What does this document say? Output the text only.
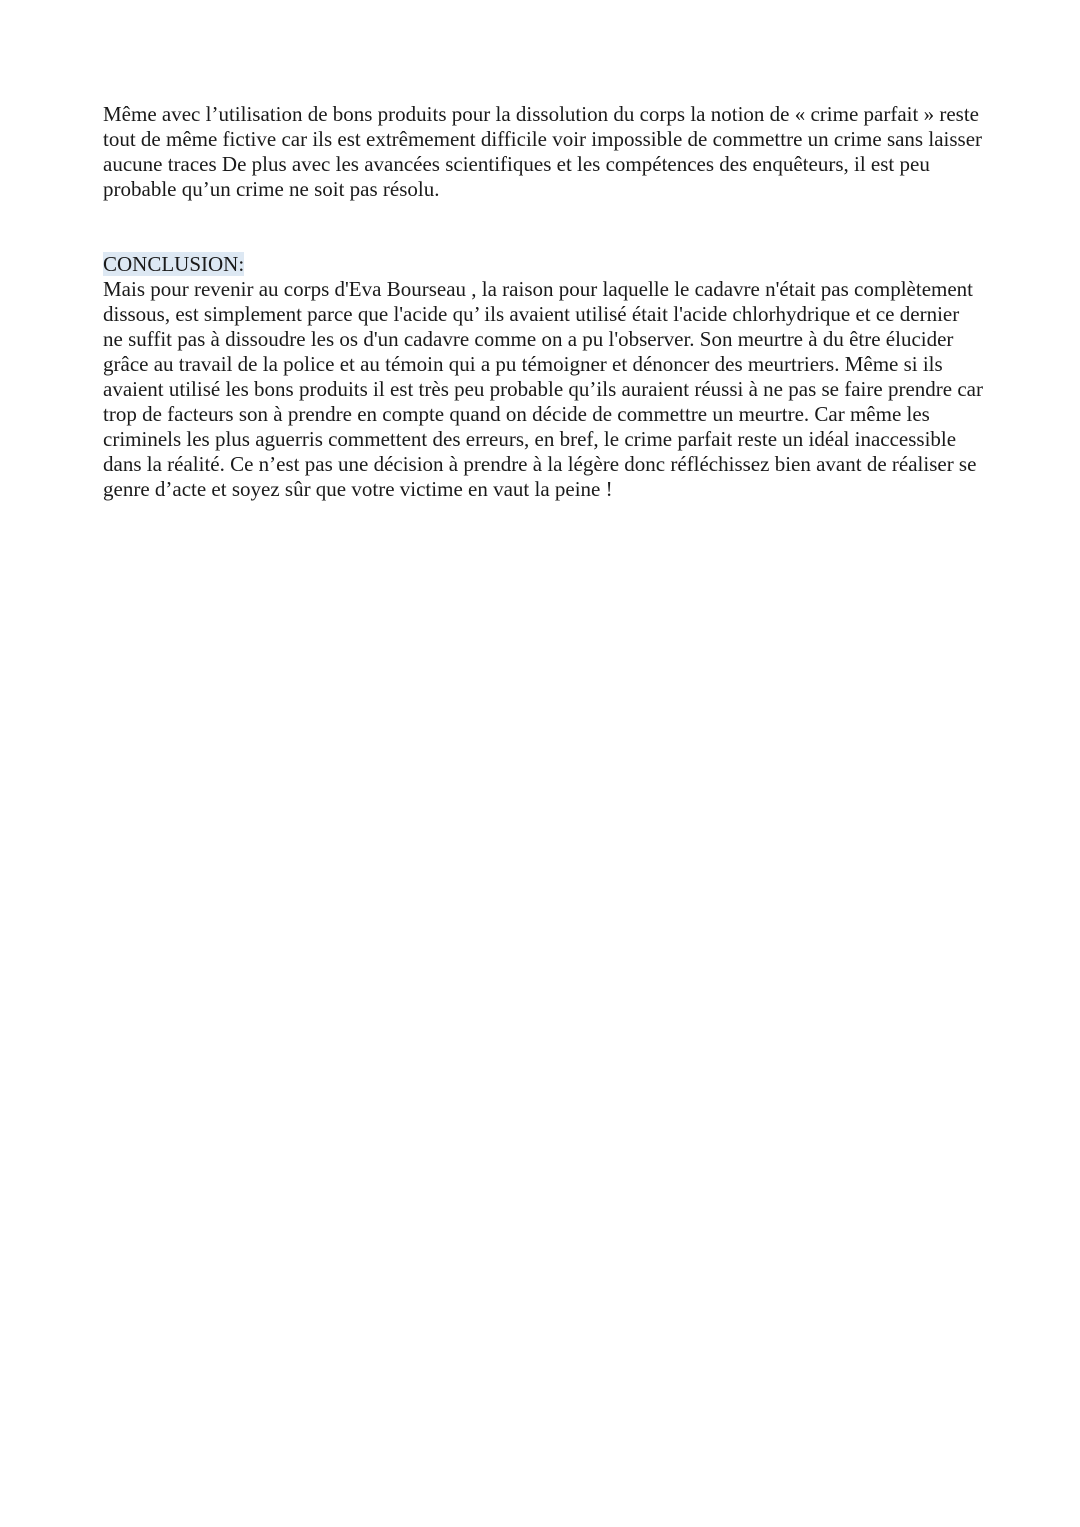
Même avec l’utilisation de bons produits pour la dissolution du corps la notion de « crime parfait » reste tout de même fictive car ils est extrêmement difficile voir impossible de commettre un crime sans laisser aucune traces De plus avec les avancées scientifiques et les compétences des enquêteurs, il est peu probable qu’un crime ne soit pas résolu.

CONCLUSION:

Mais pour revenir au corps d'Eva Bourseau , la raison pour laquelle le cadavre n'était pas complètement dissous, est simplement parce que l'acide qu’ ils avaient utilisé était l'acide chlorhydrique et ce dernier ne suffit pas à dissoudre les os d'un cadavre comme on a pu l'observer. Son meurtre à du être élucider grâce au travail de la police et au témoin qui a pu témoigner et dénoncer des meurtriers. Même si ils avaient utilisé les bons produits il est très peu probable qu’ils auraient réussi à ne pas se faire prendre car trop de facteurs son à prendre en compte quand on décide de commettre un meurtre. Car même les criminels les plus aguerris commettent des erreurs, en bref, le crime parfait reste un idéal inaccessible dans la réalité. Ce n’est pas une décision à prendre à la légère donc réfléchissez bien avant de réaliser se genre d’acte et soyez sûr que votre victime en vaut la peine !
